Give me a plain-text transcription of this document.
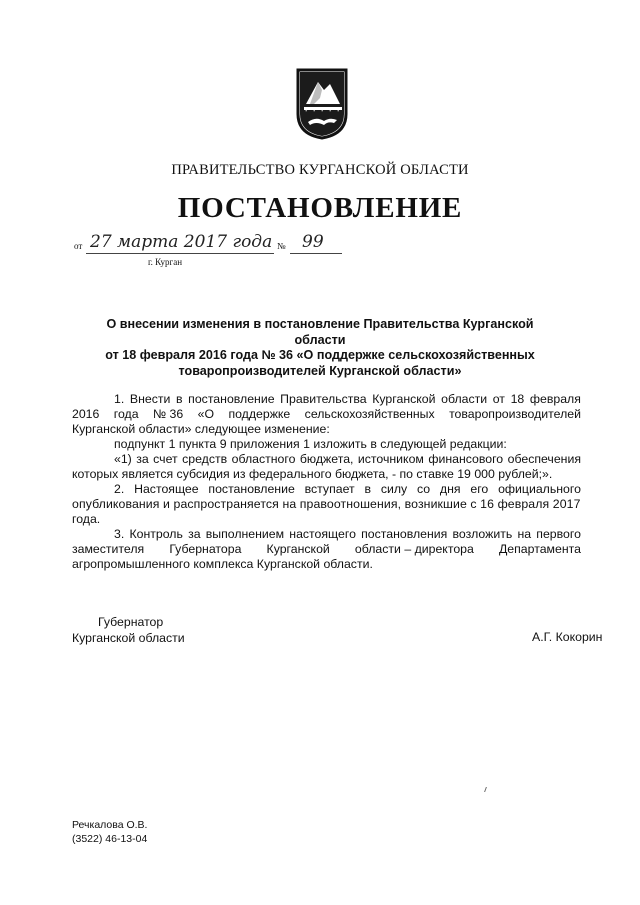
ПРАВИТЕЛЬСТВО КУРГАНСКОЙ ОБЛАСТИ
ПОСТАНОВЛЕНИЕ
от 27 марта 2017 года № 99
г. Курган
О внесении изменения в постановление Правительства Курганской области
от 18 февраля 2016 года № 36 «О поддержке сельскохозяйственных
товаропроизводителей Курганской области»
1. Внести в постановление Правительства Курганской области от 18 февраля
2016 года № 36 «О поддержке сельскохозяйственных товаропроизводителей
Курганской области» следующее изменение:
подпункт 1 пункта 9 приложения 1 изложить в следующей редакции:
«1) за счет средств областного бюджета, источником финансового обеспечения
которых является субсидия из федерального бюджета, - по ставке 19 000 рублей;».
2. Настоящее постановление вступает в силу со дня его официального
опубликования и распространяется на правоотношения, возникшие с 16 февраля 2017
года.
3. Контроль за выполнением настоящего постановления возложить на первого
заместителя Губернатора Курганской области – директора Департамента
агропромышленного комплекса Курганской области.
Губернатор
Курганской области	А.Г. Кокорин
Речкалова О.В.
(3522) 46-13-04
